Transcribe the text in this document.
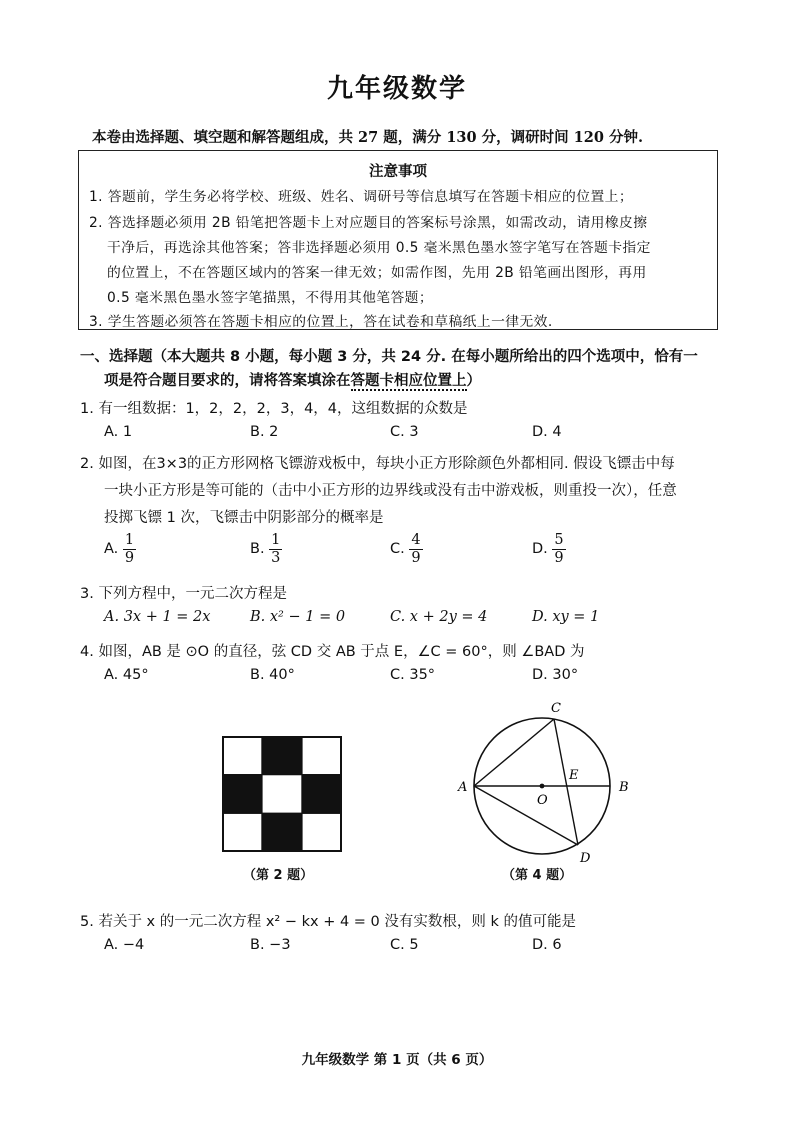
九年级数学
本卷由选择题、填空题和解答题组成，共 27 题，满分 130 分，调研时间 120 分钟.
注意事项
1. 答题前，学生务必将学校、班级、姓名、调研号等信息填写在答题卡相应的位置上；
2. 答选择题必须用 2B 铅笔把答题卡上对应题目的答案标号涂黑，如需改动，请用橡皮擦
干净后，再选涂其他答案；答非选择题必须用 0.5 毫米黑色墨水签字笔写在答题卡指定
的位置上，不在答题区域内的答案一律无效；如需作图，先用 2B 铅笔画出图形，再用
0.5 毫米黑色墨水签字笔描黑，不得用其他笔答题；
3. 学生答题必须答在答题卡相应的位置上，答在试卷和草稿纸上一律无效.
一、选择题（本大题共 8 小题，每小题 3 分，共 24 分. 在每小题所给出的四个选项中，恰有一
项是符合题目要求的，请将答案填涂在答题卡相应位置上）
1. 有一组数据：1，2，2，2，3，4，4，这组数据的众数是
A. 1	B. 2	C. 3	D. 4
2. 如图，在3×3的正方形网格飞镖游戏板中，每块小正方形除颜色外都相同. 假设飞镖击中每
一块小正方形是等可能的（击中小正方形的边界线或没有击中游戏板，则重投一次），任意
投掷飞镖 1 次，飞镖击中阴影部分的概率是
A. $\frac{1}{9}$	B. $\frac{1}{3}$	C. $\frac{4}{9}$	D. $\frac{5}{9}$
3. 下列方程中，一元二次方程是
A. 3x + 1 = 2x	B. x² − 1 = 0	C. x + 2y = 4	D. xy = 1
4. 如图，AB 是 ⊙O 的直径，弦 CD 交 AB 于点 E，∠C = 60°，则 ∠BAD 为
A. 45°	B. 40°	C. 35°	D. 30°
（第 2 题）
A	B
C
D
E
O
（第 4 题）
5. 若关于 x 的一元二次方程 x² − kx + 4 = 0 没有实数根，则 k 的值可能是
A. −4	B. −3	C. 5	D. 6
九年级数学 第 1 页（共 6 页）
